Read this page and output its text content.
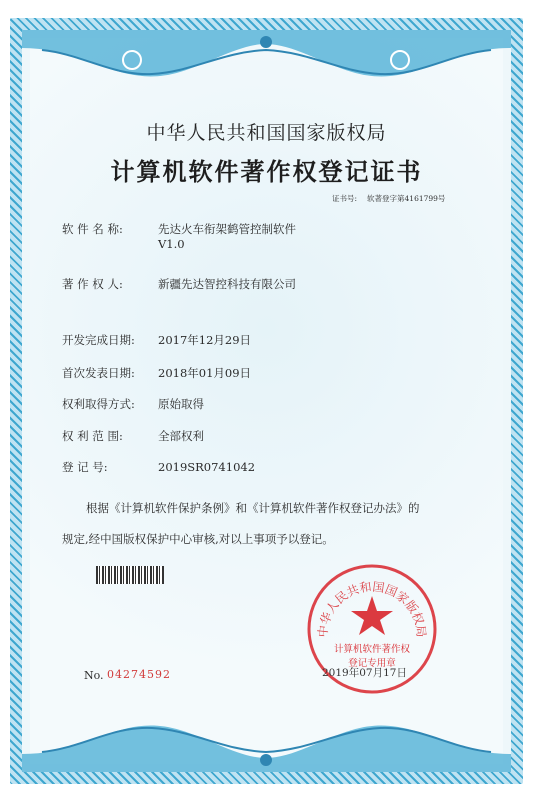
中华人民共和国国家版权局
计算机软件著作权登记证书
证书号: 软著登字第4161799号
软 件 名 称:	先达火车衔架鹤管控制软件
V1.0
著 作 权 人:	新疆先达智控科技有限公司
开发完成日期: 2017年12月29日
首次发表日期: 2018年01月09日
权利取得方式: 原始取得
权 利 范 围:	全部权利
登 记 号:	2019SR0741042
根据《计算机软件保护条例》和《计算机软件著作权登记办法》的
规定,经中国版权保护中心审核,对以上事项予以登记。
No. 04274592
中华人民共和国国家版权局
计算机软件著作权
登记专用章
2019年07月17日
